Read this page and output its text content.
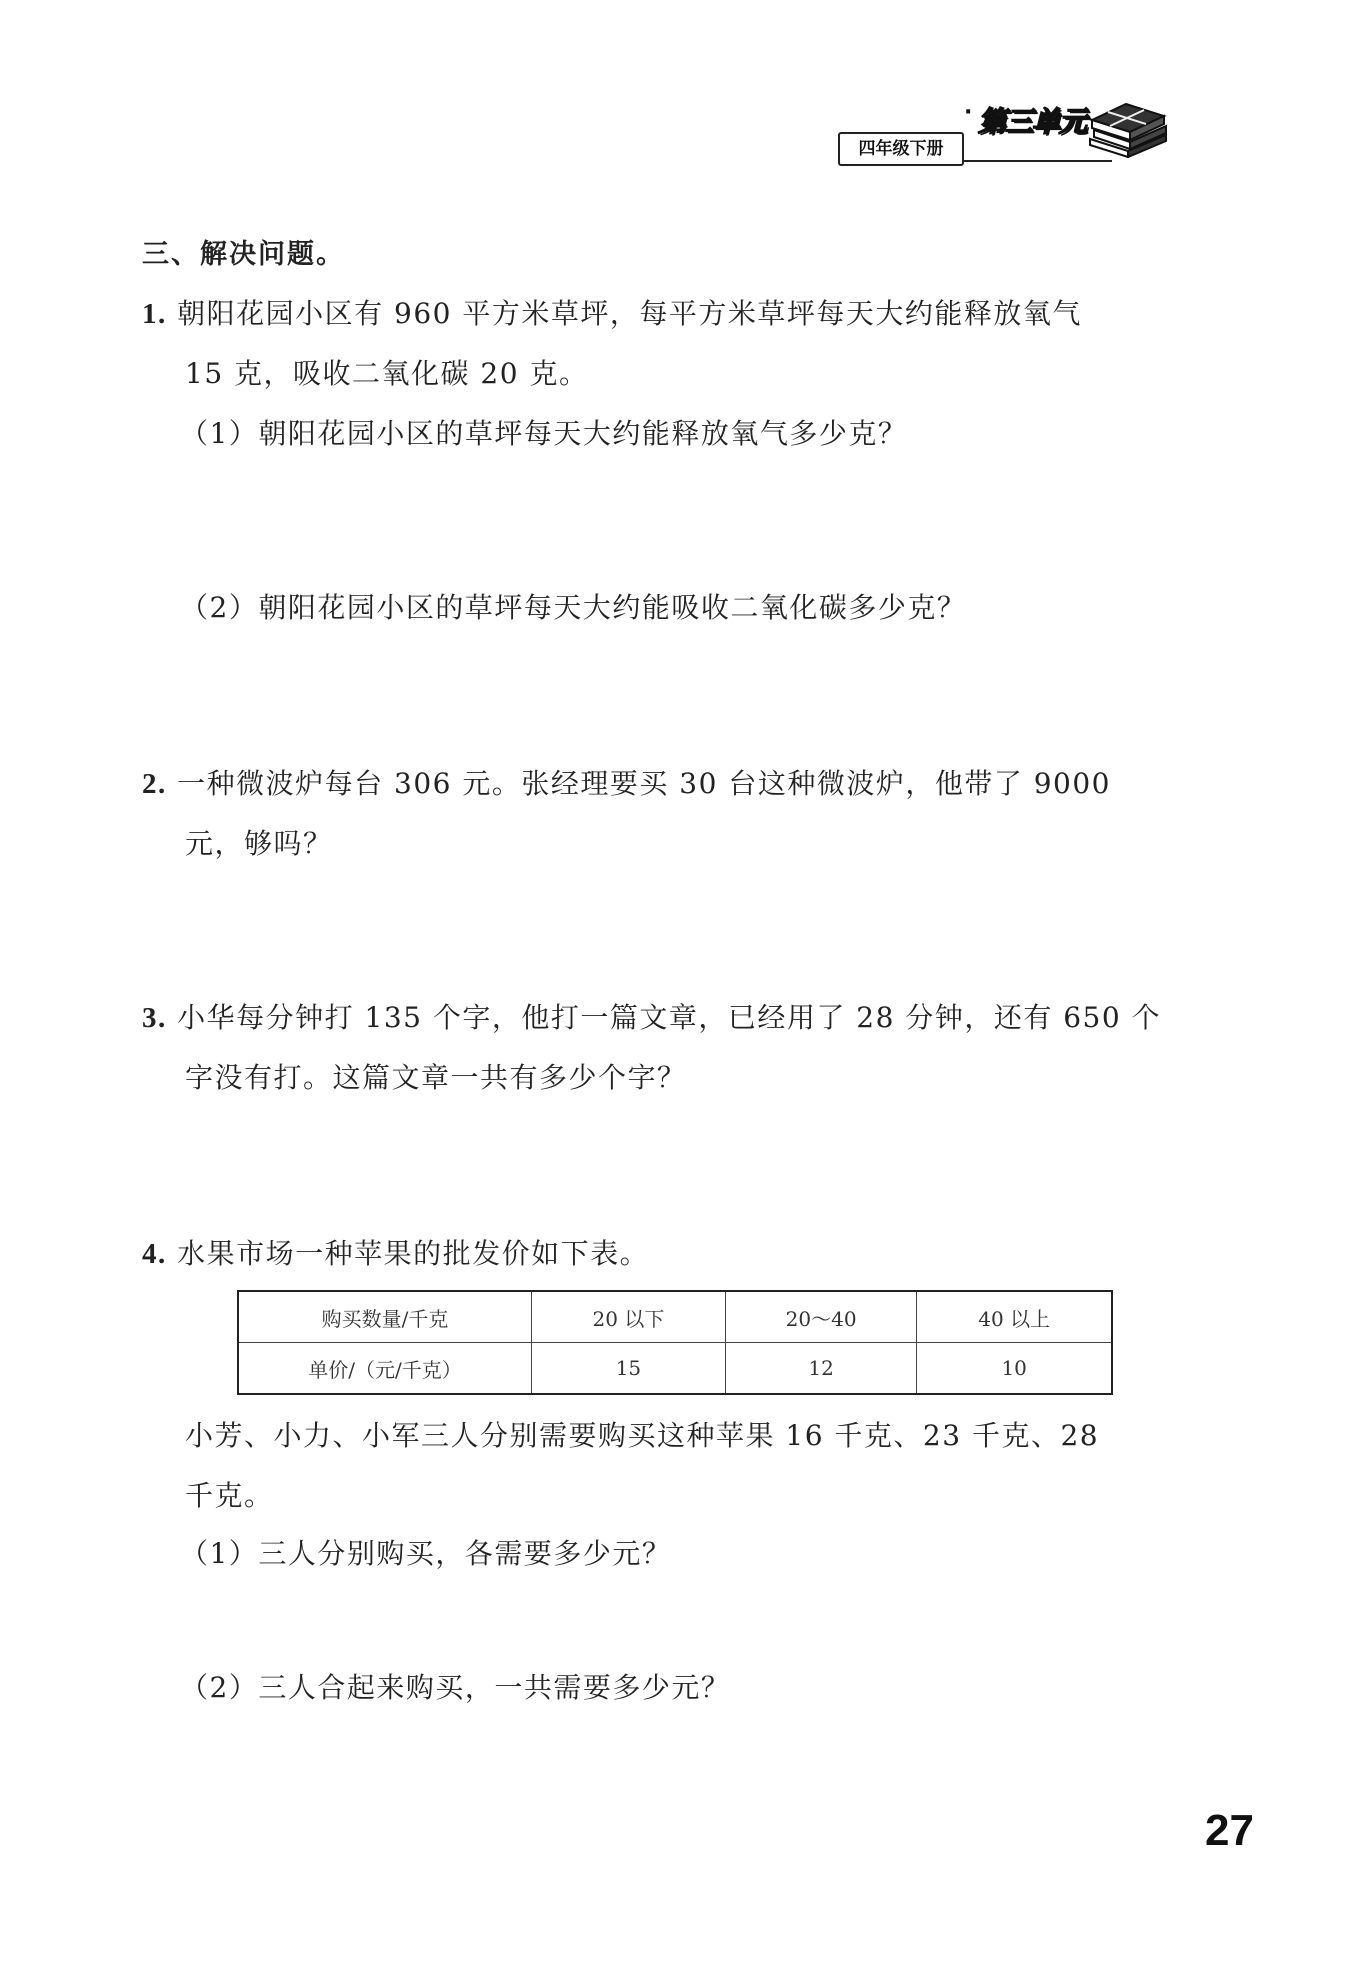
四年级下册
· 第三单元
三、解决问题。
1. 朝阳花园小区有 960 平方米草坪，每平方米草坪每天大约能释放氧气
15 克，吸收二氧化碳 20 克。
（1）朝阳花园小区的草坪每天大约能释放氧气多少克？
（2）朝阳花园小区的草坪每天大约能吸收二氧化碳多少克？
2. 一种微波炉每台 306 元。张经理要买 30 台这种微波炉，他带了 9000
元，够吗？
3. 小华每分钟打 135 个字，他打一篇文章，已经用了 28 分钟，还有 650 个
字没有打。这篇文章一共有多少个字？
4. 水果市场一种苹果的批发价如下表。
购买数量/千克	20 以下	20～40	40 以上
单价/（元/千克）	15	12	10
小芳、小力、小军三人分别需要购买这种苹果 16 千克、23 千克、28
千克。
（1）三人分别购买，各需要多少元？
（2）三人合起来购买，一共需要多少元？
27
